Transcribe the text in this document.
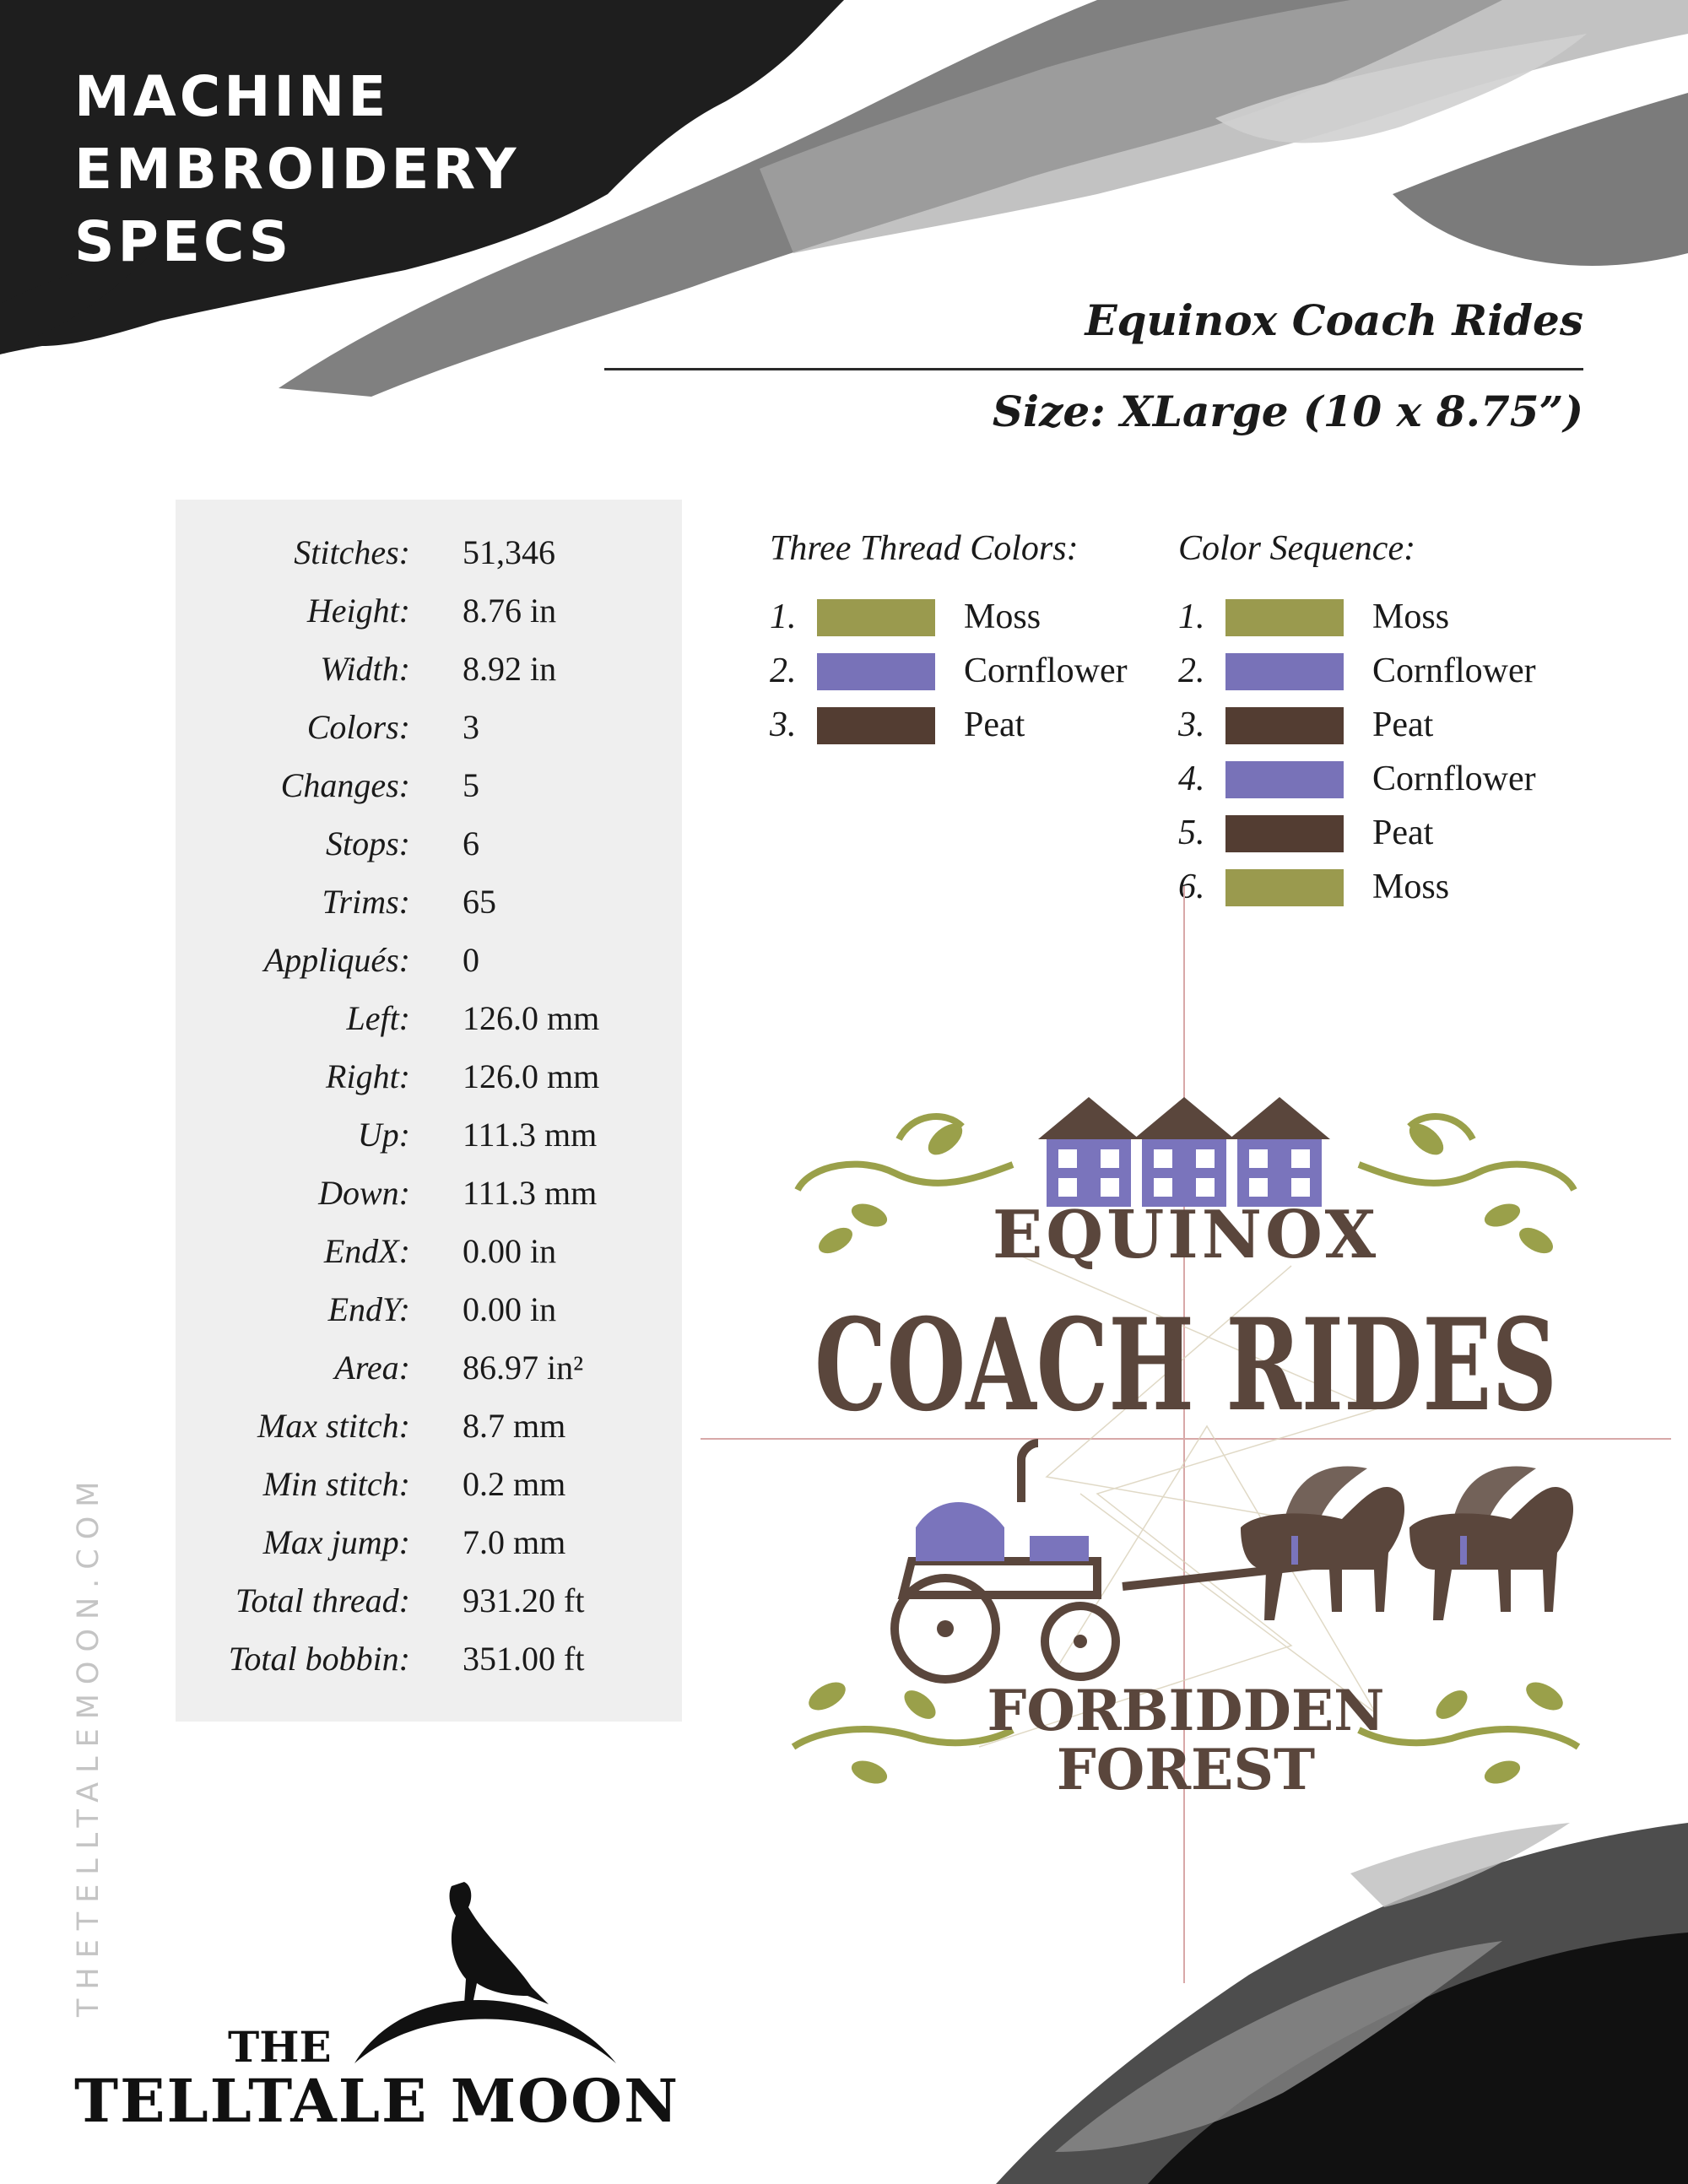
MACHINE
EMBROIDERY
SPECS
Equinox Coach Rides
Size: XLarge (10 x 8.75”)
Stitches: 51,346
Height: 8.76 in
Width: 8.92 in
Colors: 3
Changes: 5
Stops: 6
Trims: 65
Appliqués: 0
Left: 126.0 mm
Right: 126.0 mm
Up: 111.3 mm
Down: 111.3 mm
EndX: 0.00 in
EndY: 0.00 in
Area: 86.97 in²
Max stitch: 8.7 mm
Min stitch: 0.2 mm
Max jump: 7.0 mm
Total thread: 931.20 ft
Total bobbin: 351.00 ft
Three Thread Colors:
1.	Moss
2.	Cornflower
3.	Peat
Color Sequence:
1.	Moss
2.	Cornflower
3.	Peat
4.	Cornflower
5.	Peat
6.	Moss
EQUINOX
COACH RIDES
FORBIDDEN
FOREST
THETELLTALEMOON.COM
THE
TELLTALE MOON
